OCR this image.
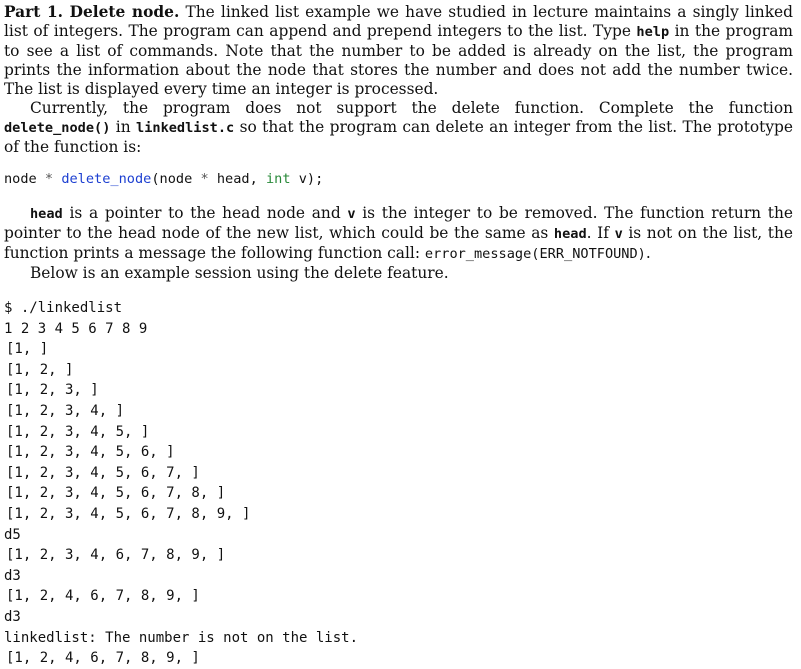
Part 1. Delete node. The linked list example we have studied in lecture maintains a singly linked list of integers. The program can append and prepend integers to the list. Type help in the program to see a list of commands. Note that the number to be added is already on the list, the program prints the information about the node that stores the number and does not add the number twice. The list is displayed every time an integer is processed.

Currently, the program does not support the delete function. Complete the function delete_node() in linkedlist.c so that the program can delete an integer from the list. The prototype of the function is:

node * delete_node(node * head, int v);

head is a pointer to the head node and v is the integer to be removed. The function return the pointer to the head node of the new list, which could be the same as head. If v is not on the list, the function prints a message the following function call: error_message(ERR_NOTFOUND).

Below is an example session using the delete feature.

$ ./linkedlist
1 2 3 4 5 6 7 8 9
[1, ]
[1, 2, ]
[1, 2, 3, ]
[1, 2, 3, 4, ]
[1, 2, 3, 4, 5, ]
[1, 2, 3, 4, 5, 6, ]
[1, 2, 3, 4, 5, 6, 7, ]
[1, 2, 3, 4, 5, 6, 7, 8, ]
[1, 2, 3, 4, 5, 6, 7, 8, 9, ]
d5
[1, 2, 3, 4, 6, 7, 8, 9, ]
d3
[1, 2, 4, 6, 7, 8, 9, ]
d3
linkedlist: The number is not on the list.
[1, 2, 4, 6, 7, 8, 9, ]
